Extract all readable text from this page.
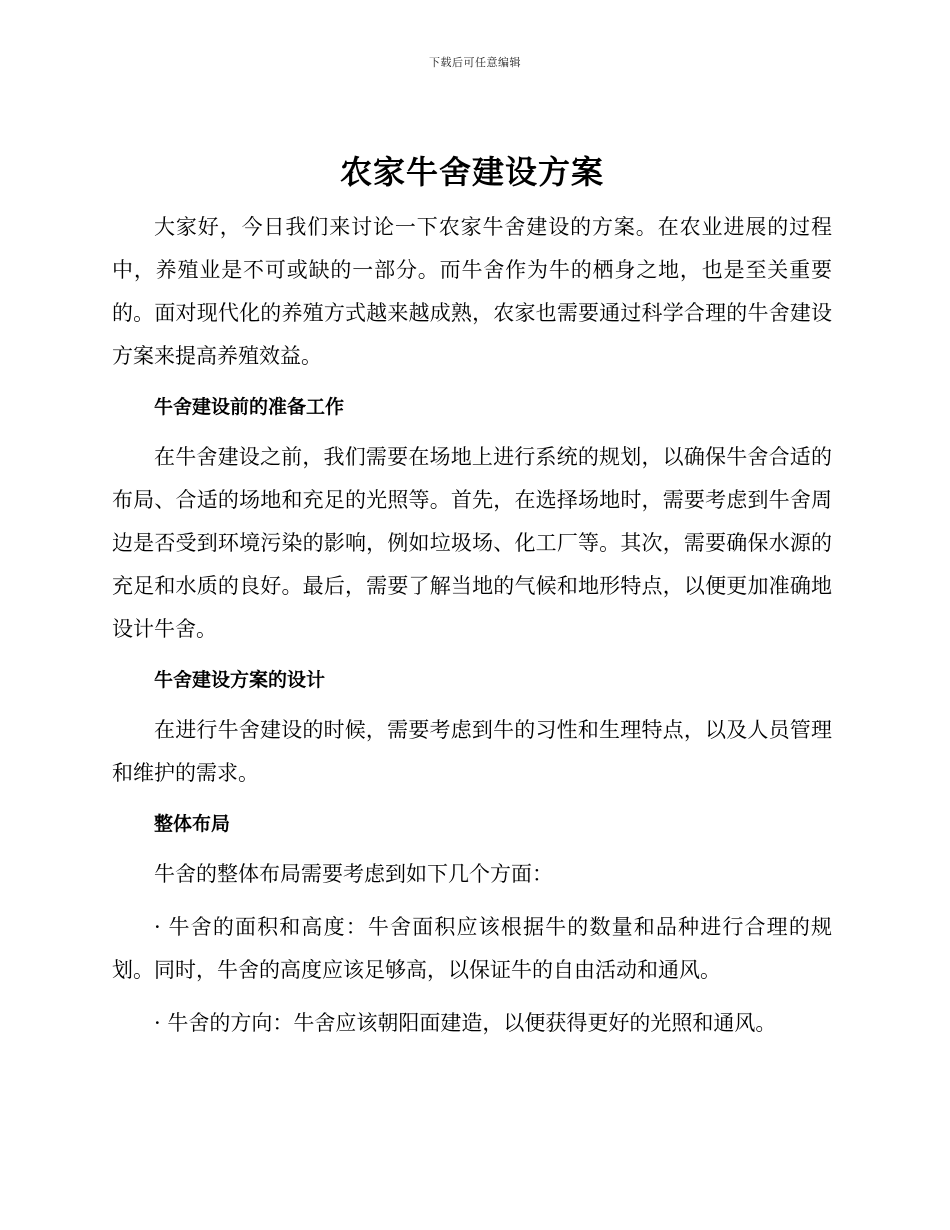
下载后可任意编辑
农家牛舍建设方案

大家好，今日我们来讨论一下农家牛舍建设的方案。在农业进展的过程中，养殖业是不可或缺的一部分。而牛舍作为牛的栖身之地，也是至关重要的。面对现代化的养殖方式越来越成熟，农家也需要通过科学合理的牛舍建设方案来提高养殖效益。

牛舍建设前的准备工作

在牛舍建设之前，我们需要在场地上进行系统的规划，以确保牛舍合适的布局、合适的场地和充足的光照等。首先，在选择场地时，需要考虑到牛舍周边是否受到环境污染的影响，例如垃圾场、化工厂等。其次，需要确保水源的充足和水质的良好。最后，需要了解当地的气候和地形特点，以便更加准确地设计牛舍。

牛舍建设方案的设计

在进行牛舍建设的时候，需要考虑到牛的习性和生理特点，以及人员管理和维护的需求。

整体布局

牛舍的整体布局需要考虑到如下几个方面：

· 牛舍的面积和高度：牛舍面积应该根据牛的数量和品种进行合理的规划。同时，牛舍的高度应该足够高，以保证牛的自由活动和通风。

· 牛舍的方向：牛舍应该朝阳面建造，以便获得更好的光照和通风。
